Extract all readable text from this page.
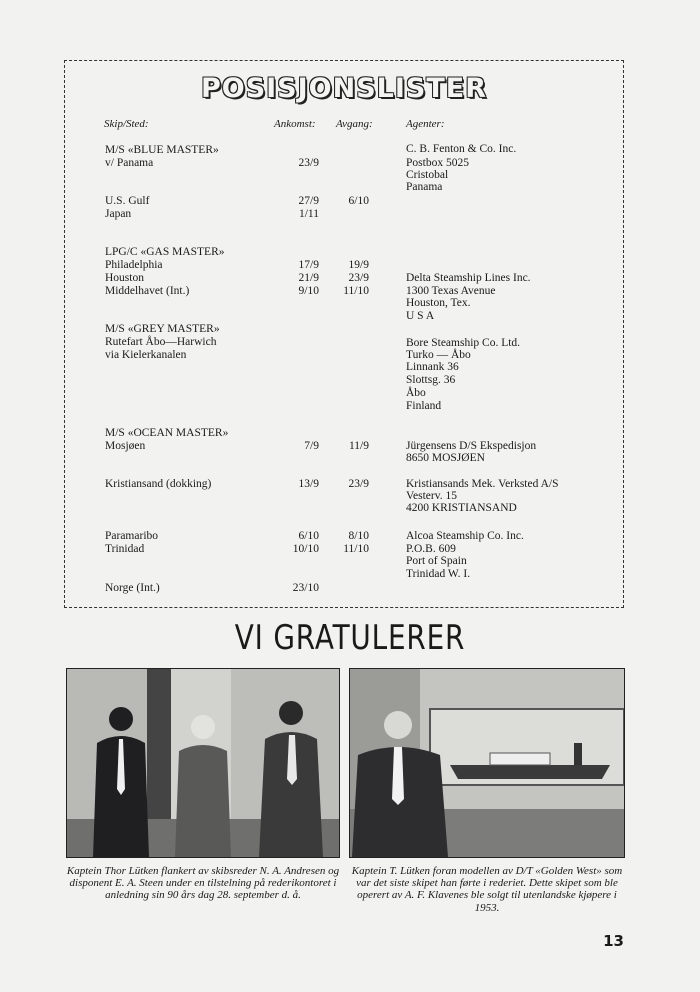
POSISJONSLISTER
Skip/Sted:	Ankomst: Avgang:	Agenter:
M/S «BLUE MASTER»	C. B. Fenton & Co. Inc.
v/ Panama	23/9	Postbox 5025
Cristobal
Panama
U.S. Gulf	27/9	6/10
Japan	1/11
LPG/C «GAS MASTER»
Philadelphia	17/9	19/9
Houston	21/9	23/9	Delta Steamship Lines Inc.
Middelhavet (Int.)	9/10	11/10	1300 Texas Avenue
Houston, Tex.
U S A
M/S «GREY MASTER»
Rutefart Åbo—Harwich	Bore Steamship Co. Ltd.
via Kielerkanalen	Turko — Åbo
Linnank 36
Slottsg. 36
Åbo
Finland
M/S «OCEAN MASTER»
Mosjøen	7/9	11/9	Jürgensens D/S Ekspedisjon
8650 MOSJØEN
Kristiansand (dokking)	13/9	23/9	Kristiansands Mek. Verksted A/S
Vesterv. 15
4200 KRISTIANSAND
Paramaribo	6/10	8/10	Alcoa Steamship Co. Inc.
Trinidad	10/10	11/10	P.O.B. 609
Port of Spain
Trinidad W. I.
Norge (Int.)	23/10
VI GRATULERER
Kaptein Thor Lütken flankert av skibsreder N. A. Andresen og disponent E. A. Steen under en tilstelning på rederikontoret i anledning sin 90 års dag 28. september d. å.
Kaptein T. Lütken foran modellen av D/T «Golden West» som var det siste skipet han førte i rederiet. Dette skipet som ble operert av A. F. Klavenes ble solgt til utenlandske kjøpere i 1953.
13
